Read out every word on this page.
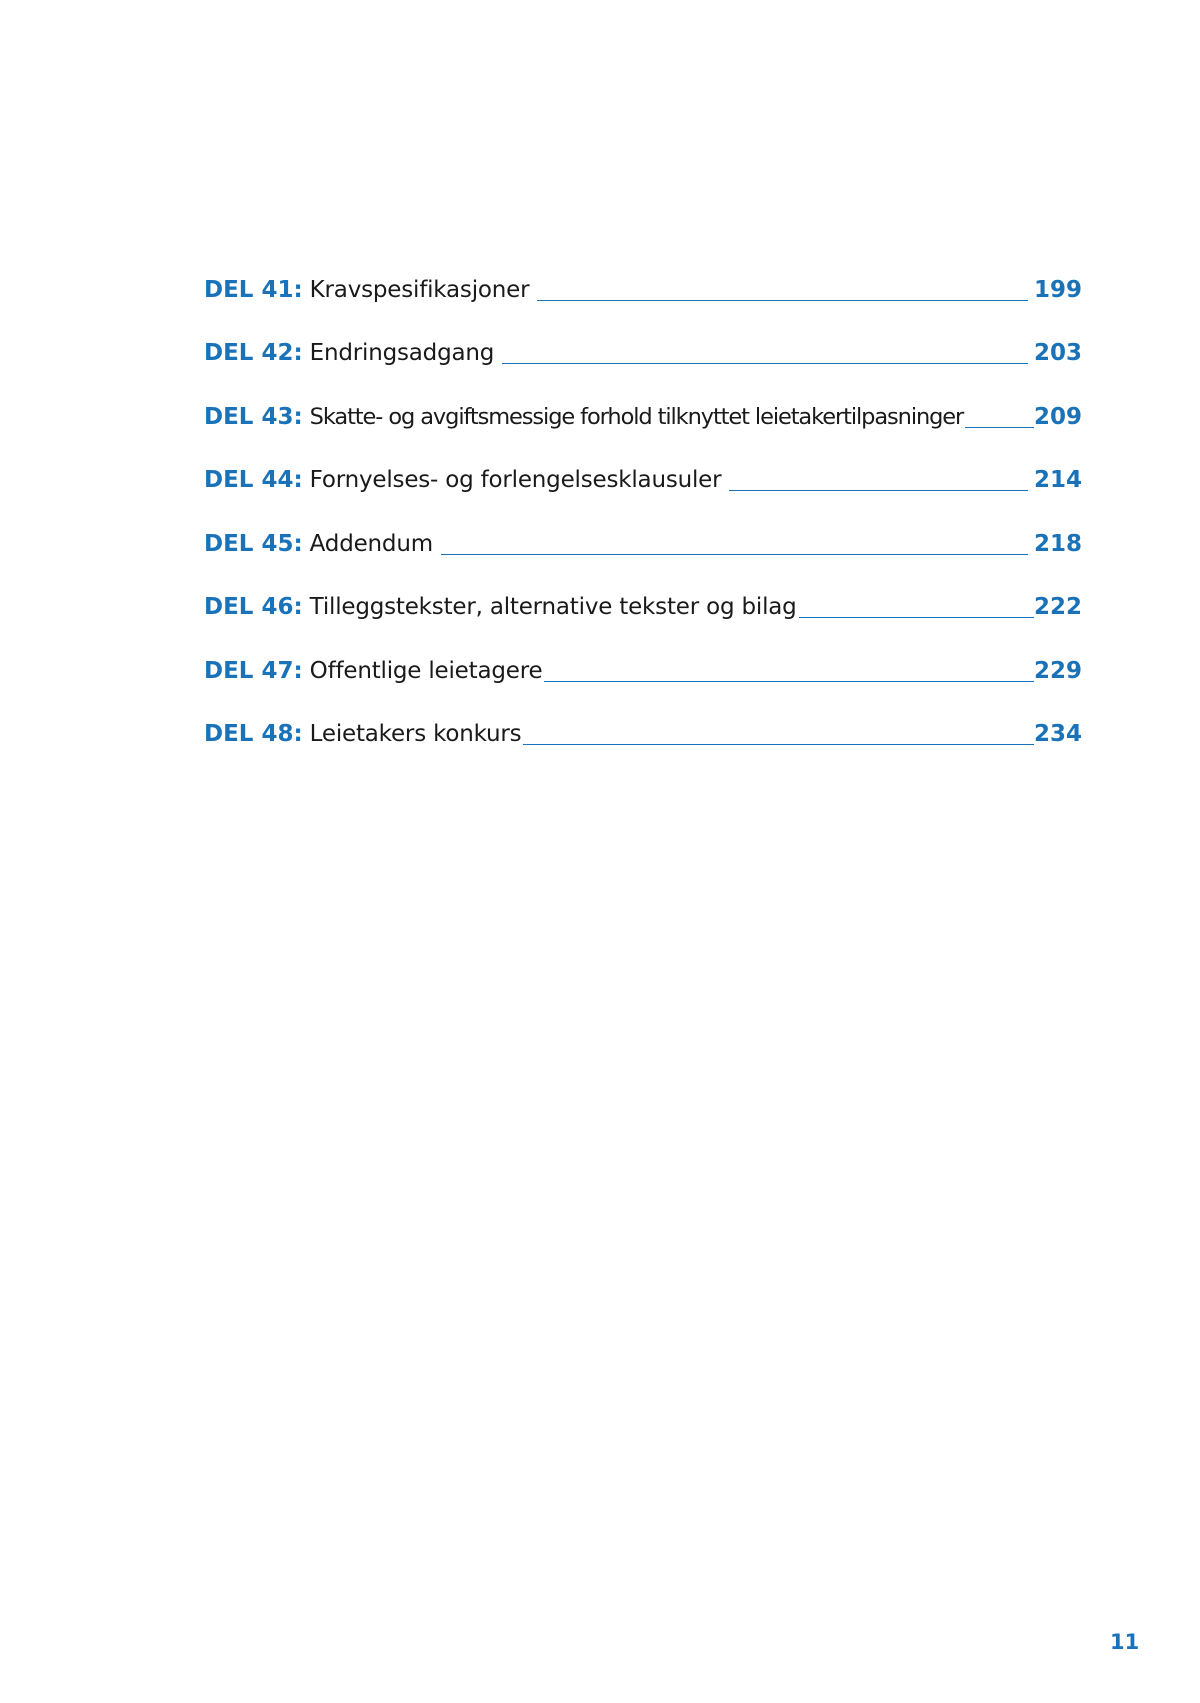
DEL 41: Kravspesifikasjoner	199
DEL 42: Endringsadgang	203
DEL 43: Skatte- og avgiftsmessige forhold tilknyttet leietakertilpasninger	209
DEL 44: Fornyelses- og forlengelsesklausuler	214
DEL 45: Addendum	218
DEL 46: Tilleggstekster, alternative tekster og bilag	222
DEL 47: Offentlige leietagere	229
DEL 48: Leietakers konkurs	234
11
